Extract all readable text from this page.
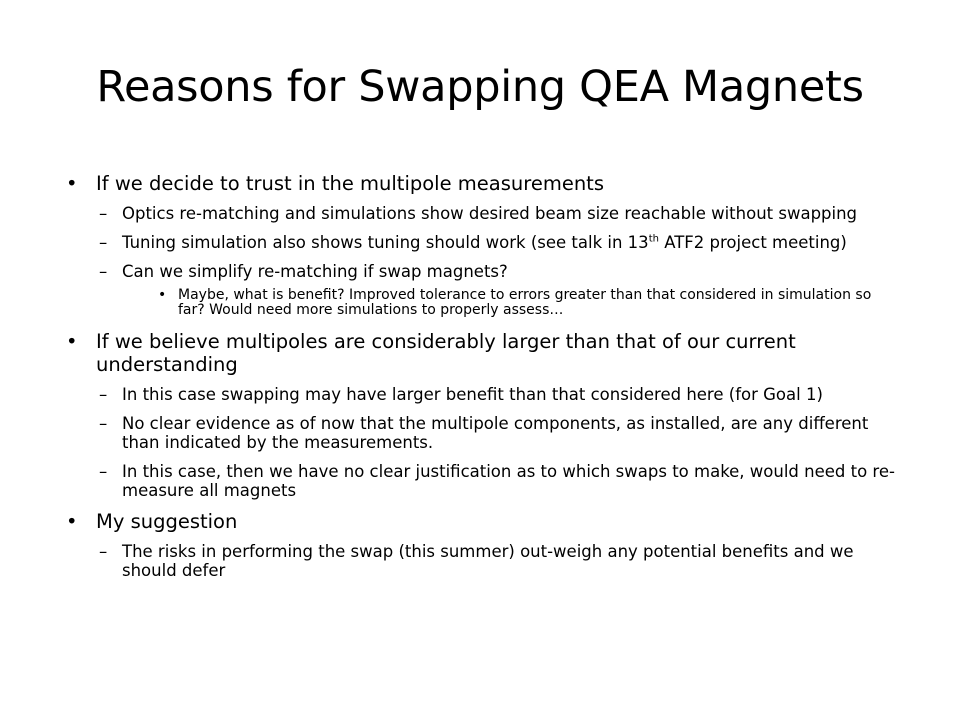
Reasons for Swapping QEA Magnets
• If we decide to trust in the multipole measurements
– Optics re-matching and simulations show desired beam size reachable without swapping
– Tuning simulation also shows tuning should work (see talk in 13th ATF2 project meeting)
– Can we simplify re-matching if swap magnets?
• Maybe, what is benefit? Improved tolerance to errors greater than that considered in simulation so far? Would need more simulations to properly assess…
• If we believe multipoles are considerably larger than that of our current understanding
– In this case swapping may have larger benefit than that considered here (for Goal 1)
– No clear evidence as of now that the multipole components, as installed, are any different than indicated by the measurements.
– In this case, then we have no clear justification as to which swaps to make, would need to re-measure all magnets
• My suggestion
– The risks in performing the swap (this summer) out-weigh any potential benefits and we should defer
